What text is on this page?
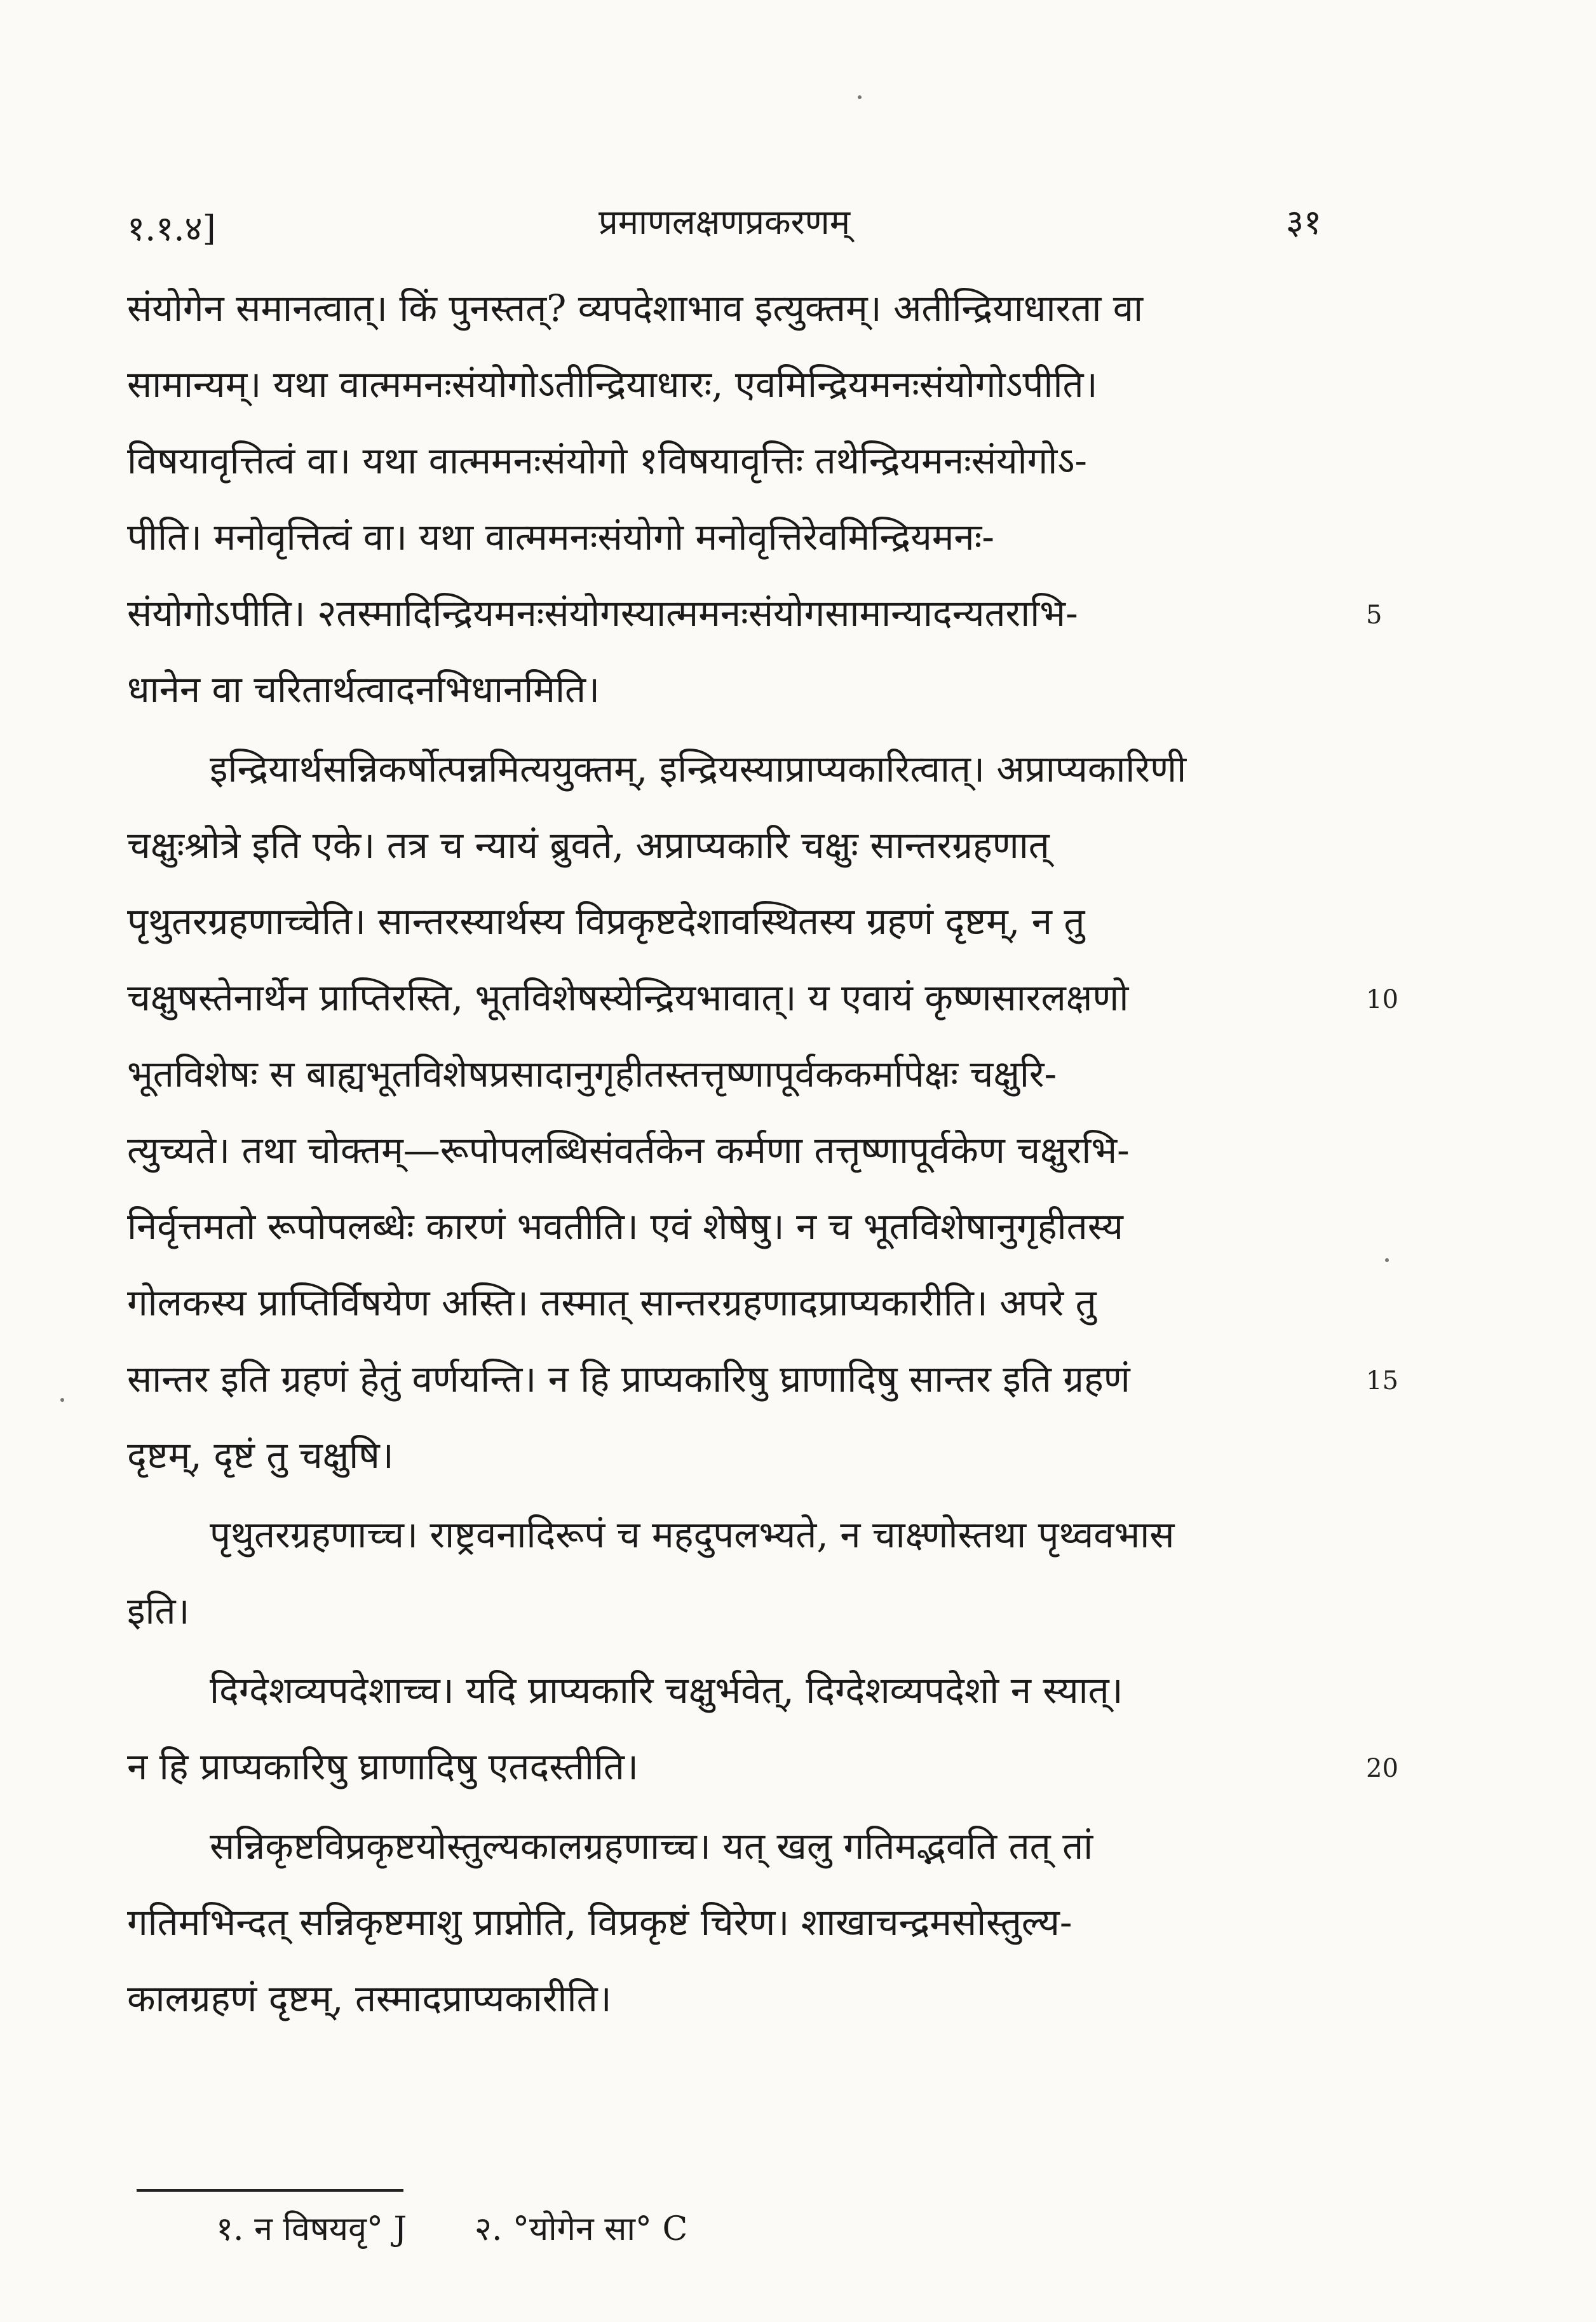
१.१.४]	प्रमाणलक्षणप्रकरणम्	३१
संयोगेन समानत्वात्। किं पुनस्तत्? व्यपदेशाभाव इत्युक्तम्। अतीन्द्रियाधारता वा
सामान्यम्। यथा वात्ममनःसंयोगोऽतीन्द्रियाधारः, एवमिन्द्रियमनःसंयोगोऽपीति।
विषयावृत्तित्वं वा। यथा वात्ममनःसंयोगो १विषयावृत्तिः तथेन्द्रियमनःसंयोगोऽ-
पीति। मनोवृत्तित्वं वा। यथा वात्ममनःसंयोगो मनोवृत्तिरेवमिन्द्रियमनः-
संयोगोऽपीति। २तस्मादिन्द्रियमनःसंयोगस्यात्ममनःसंयोगसामान्यादन्यतराभि-
धानेन वा चरितार्थत्वादनभिधानमिति।
इन्द्रियार्थसन्निकर्षोत्पन्नमित्ययुक्तम्, इन्द्रियस्याप्राप्यकारित्वात्। अप्राप्यकारिणी
चक्षुःश्रोत्रे इति एके। तत्र च न्यायं ब्रुवते, अप्राप्यकारि चक्षुः सान्तरग्रहणात्
पृथुतरग्रहणाच्चेति। सान्तरस्यार्थस्य विप्रकृष्टदेशावस्थितस्य ग्रहणं दृष्टम्, न तु
चक्षुषस्तेनार्थेन प्राप्तिरस्ति, भूतविशेषस्येन्द्रियभावात्। य एवायं कृष्णसारलक्षणो
भूतविशेषः स बाह्यभूतविशेषप्रसादानुगृहीतस्तत्तृष्णापूर्वककर्मापेक्षः चक्षुरि-
त्युच्यते। तथा चोक्तम्—रूपोपलब्धिसंवर्तकेन कर्मणा तत्तृष्णापूर्वकेण चक्षुरभि-
निर्वृत्तमतो रूपोपलब्धेः कारणं भवतीति। एवं शेषेषु। न च भूतविशेषानुगृहीतस्य
गोलकस्य प्राप्तिर्विषयेण अस्ति। तस्मात् सान्तरग्रहणादप्राप्यकारीति। अपरे तु
सान्तर इति ग्रहणं हेतुं वर्णयन्ति। न हि प्राप्यकारिषु घ्राणादिषु सान्तर इति ग्रहणं
दृष्टम्, दृष्टं तु चक्षुषि।
पृथुतरग्रहणाच्च। राष्ट्रवनादिरूपं च महदुपलभ्यते, न चाक्ष्णोस्तथा पृथ्ववभास
इति।
दिग्देशव्यपदेशाच्च। यदि प्राप्यकारि चक्षुर्भवेत्, दिग्देशव्यपदेशो न स्यात्।
न हि प्राप्यकारिषु घ्राणादिषु एतदस्तीति।
सन्निकृष्टविप्रकृष्टयोस्तुल्यकालग्रहणाच्च। यत् खलु गतिमद्भवति तत् तां
गतिमभिन्दत् सन्निकृष्टमाशु प्राप्नोति, विप्रकृष्टं चिरेण। शाखाचन्द्रमसोस्तुल्य-
कालग्रहणं दृष्टम्, तस्मादप्राप्यकारीति।
5
10
15
20
१. न विषयवृ° J २. °योगेन सा° C
